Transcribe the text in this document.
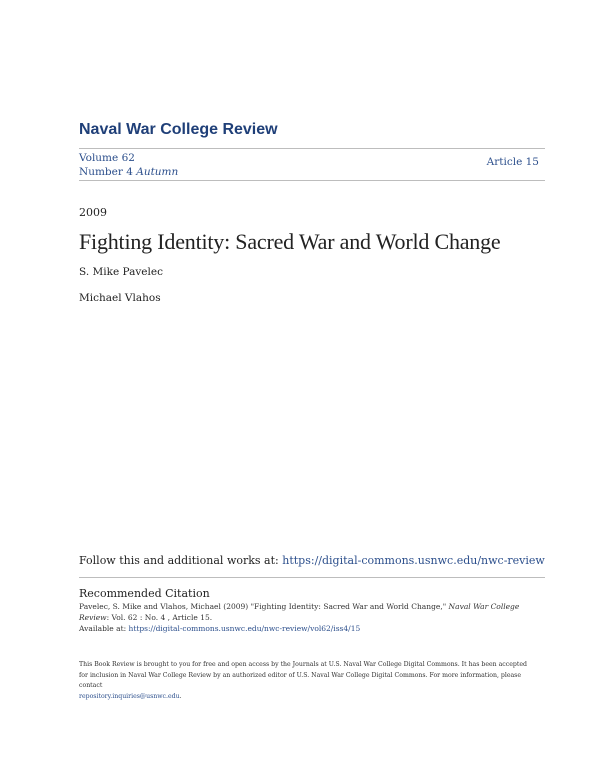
Naval War College Review
Volume 62
Number 4 Autumn
Article 15
2009
Fighting Identity: Sacred War and World Change
S. Mike Pavelec
Michael Vlahos
Follow this and additional works at: https://digital-commons.usnwc.edu/nwc-review
Recommended Citation
Pavelec, S. Mike and Vlahos, Michael (2009) "Fighting Identity: Sacred War and World Change," Naval War College Review: Vol. 62 : No. 4 , Article 15.
Available at: https://digital-commons.usnwc.edu/nwc-review/vol62/iss4/15
This Book Review is brought to you for free and open access by the Journals at U.S. Naval War College Digital Commons. It has been accepted for inclusion in Naval War College Review by an authorized editor of U.S. Naval War College Digital Commons. For more information, please contact
repository.inquiries@usnwc.edu.
